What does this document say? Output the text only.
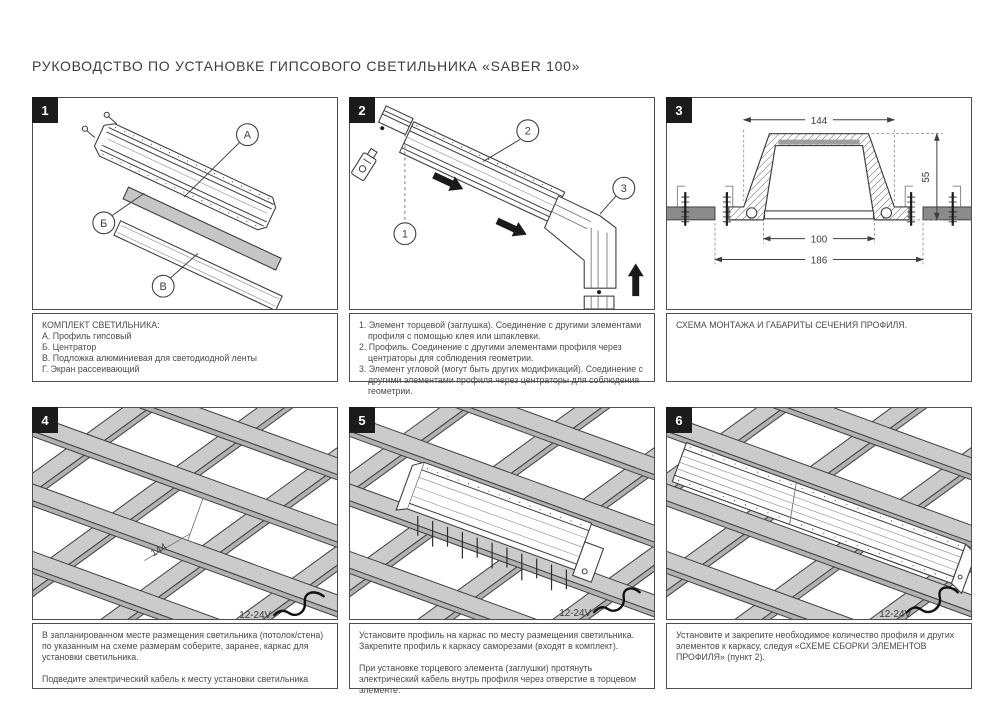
РУКОВОДСТВО ПО УСТАНОВКЕ ГИПСОВОГО СВЕТИЛЬНИКА «SABER 100»
1
А
Б
В
2
1
2
3
3
144
55
100
186
4
144
12-24V
5
12-24V
6
12-24V
КОМПЛЕКТ СВЕТИЛЬНИКА:
А. Профиль гипсовый
Б. Центратор
В. Подложка алюминиевая для светодиодной ленты
Г. Экран рассеивающий
1. Элемент торцевой (заглушка). Соединение с другими элементами профиля с помощью клея или шпаклевки.
2. Профиль. Соединение с другими элементами профиля через центраторы для соблюдения геометрии.
3. Элемент угловой (могут быть других модификаций). Соединение с другими элементами профиля через центраторы для соблюдения геометрии.
СХЕМА МОНТАЖА И ГАБАРИТЫ СЕЧЕНИЯ ПРОФИЛЯ.

В запланированном месте размещения светильника (потолок/стена) по указанным на схеме размерам соберите, заранее, каркас для установки светильника.

Подведите электрический кабель к месту установки светильника

Установите профиль на каркас по месту размещения светильника. Закрепите профиль к каркасу саморезами (входят в комплект).

При установке торцевого элемента (заглушки) протянуть электрический кабель внутрь профиля через отверстие в торцевом элементе.

Установите и закрепите необходимое количество профиля и других элементов к каркасу, следуя «СХЕМЕ СБОРКИ ЭЛЕМЕНТОВ ПРОФИЛЯ» (пункт 2).
